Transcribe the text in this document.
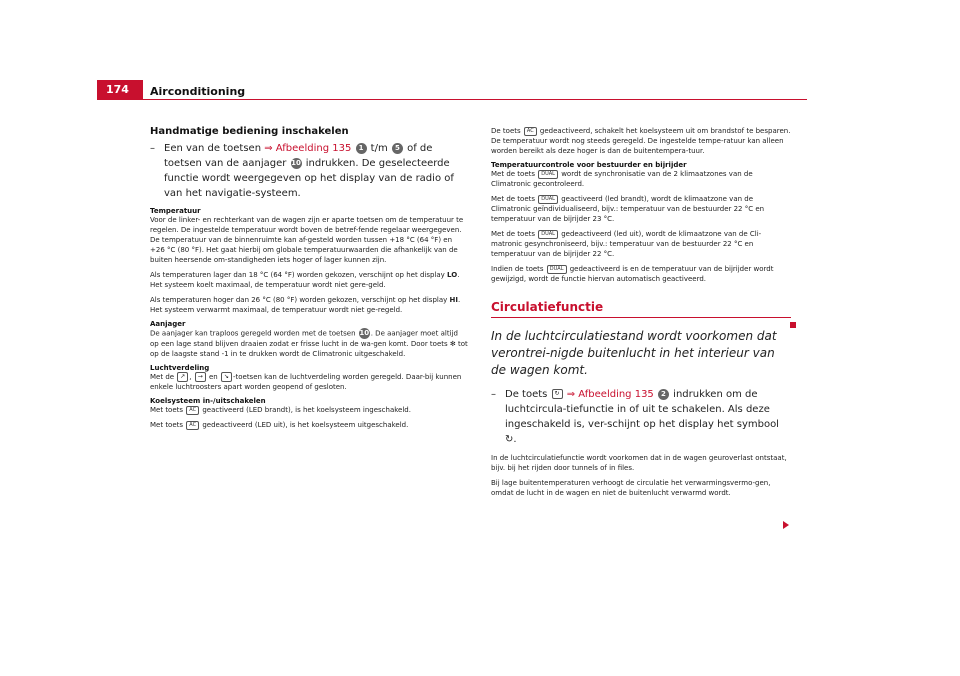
174	Airconditioning

Handmatige bediening inschakelen

– Een van de toetsen ⇒ Afbeelding 135 1 t/m 5 of de toetsen van de aanjager 10 indrukken. De geselecteerde functie wordt weergegeven op het display van de radio of van het navigatie-systeem.

Temperatuur

Voor de linker- en rechterkant van de wagen zijn er aparte toetsen om de temperatuur te regelen. De ingestelde temperatuur wordt boven de betref-fende regelaar weergegeven. De temperatuur van de binnenruimte kan af-gesteld worden tussen +18 °C (64 °F) en +26 °C (80 °F). Het gaat hierbij om globale temperatuurwaarden die afhankelijk van de buiten heersende om-standigheden iets hoger of lager kunnen zijn.

Als temperaturen lager dan 18 °C (64 °F) worden gekozen, verschijnt op het display LO. Het systeem koelt maximaal, de temperatuur wordt niet gere-geld.

Als temperaturen hoger dan 26 °C (80 °F) worden gekozen, verschijnt op het display HI. Het systeem verwarmt maximaal, de temperatuur wordt niet ge-regeld.

Aanjager

De aanjager kan traploos geregeld worden met de toetsen 10 . De aanjager moet altijd op een lage stand blijven draaien zodat er frisse lucht in de wa-gen komt. Door toets ✻ tot op de laagste stand -1 in te drukken wordt de Climatronic uitgeschakeld.

Luchtverdeling

Met de ↗ , → en ↘ -toetsen kan de luchtverdeling worden geregeld. Daar-bij kunnen enkele luchtroosters apart worden geopend of gesloten.

Koelsysteem in-/uitschakelen

Met toets AC geactiveerd (LED brandt), is het koelsysteem ingeschakeld.

Met toets AC gedeactiveerd (LED uit), is het koelsysteem uitgeschakeld.

De toets AC gedeactiveerd, schakelt het koelsysteem uit om brandstof te besparen. De temperatuur wordt nog steeds geregeld. De ingestelde tempe-ratuur kan alleen worden bereikt als deze hoger is dan de buitentempera-tuur.

Temperatuurcontrole voor bestuurder en bijrijder

Met de toets DUAL wordt de synchronisatie van de 2 klimaatzones van de Climatronic gecontroleerd.

Met de toets DUAL geactiveerd (led brandt), wordt de klimaatzone van de Climatronic geïndividualiseerd, bijv.: temperatuur van de bestuurder 22 °C en temperatuur van de bijrijder 23 °C.

Met de toets DUAL gedeactiveerd (led uit), wordt de klimaatzone van de Cli-matronic gesynchroniseerd, bijv.: temperatuur van de bestuurder 22 °C en temperatuur van de bijrijder 22 °C.

Indien de toets DUAL gedeactiveerd is en de temperatuur van de bijrijder wordt gewijzigd, wordt de functie hiervan automatisch geactiveerd.

Circulatiefunctie

In de luchtcirculatiestand wordt voorkomen dat verontrei-nigde buitenlucht in het interieur van de wagen komt.

– De toets ↻ ⇒ Afbeelding 135 2 indrukken om de luchtcircula-tiefunctie in of uit te schakelen. Als deze ingeschakeld is, ver-schijnt op het display het symbool ↻.

In de luchtcirculatiefunctie wordt voorkomen dat in de wagen geuroverlast ontstaat, bijv. bij het rijden door tunnels of in files.

Bij lage buitentemperaturen verhoogt de circulatie het verwarmingsvermo-gen, omdat de lucht in de wagen en niet de buitenlucht verwarmd wordt.
